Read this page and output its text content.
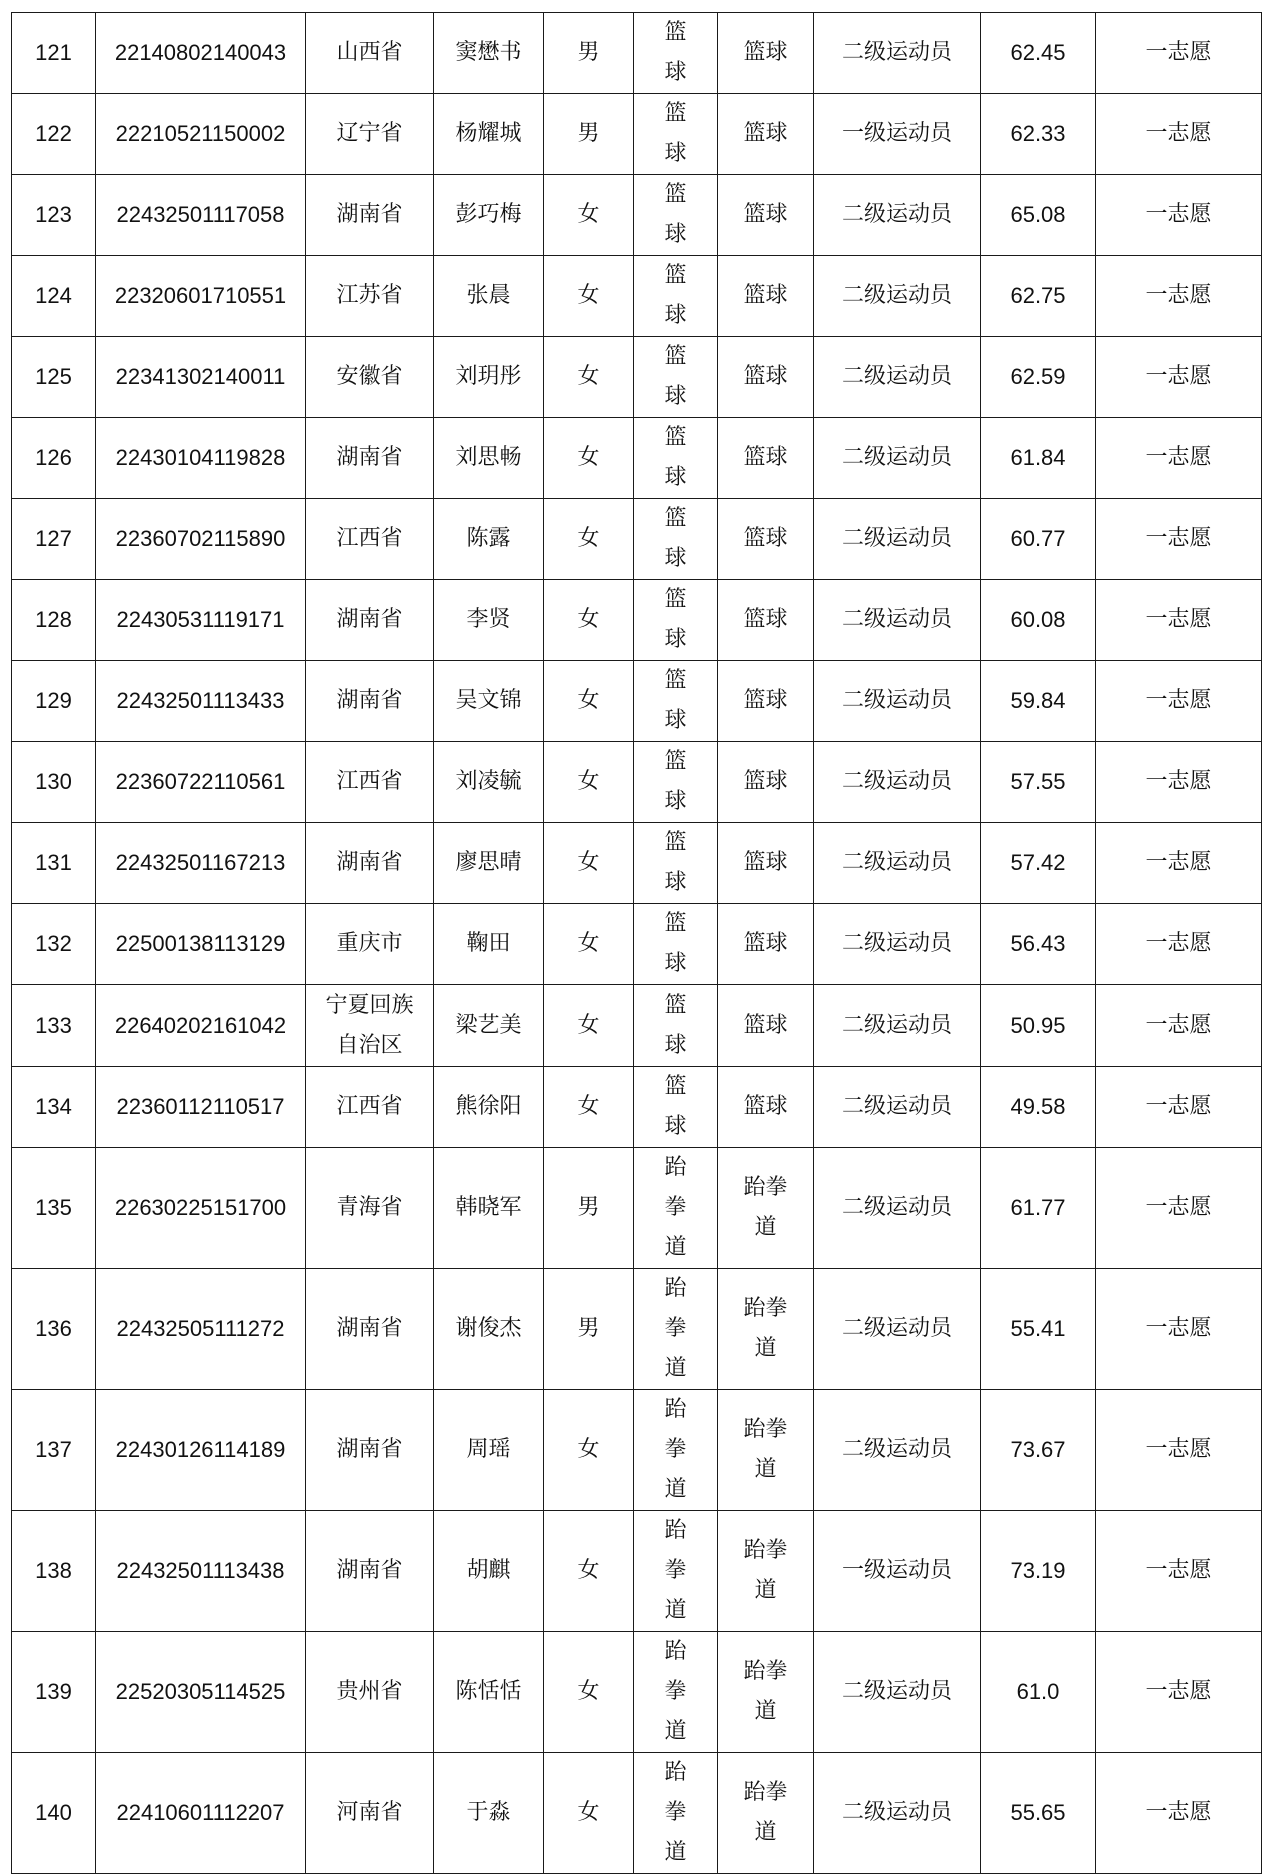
121	22140802140043	山西省	窦懋书	男	篮球	篮球	二级运动员	62.45	一志愿
122	22210521150002	辽宁省	杨耀城	男	篮球	篮球	一级运动员	62.33	一志愿
123	22432501117058	湖南省	彭巧梅	女	篮球	篮球	二级运动员	65.08	一志愿
124	22320601710551	江苏省	张晨	女	篮球	篮球	二级运动员	62.75	一志愿
125	22341302140011	安徽省	刘玥彤	女	篮球	篮球	二级运动员	62.59	一志愿
126	22430104119828	湖南省	刘思畅	女	篮球	篮球	二级运动员	61.84	一志愿
127	22360702115890	江西省	陈露	女	篮球	篮球	二级运动员	60.77	一志愿
128	22430531119171	湖南省	李贤	女	篮球	篮球	二级运动员	60.08	一志愿
129	22432501113433	湖南省	吴文锦	女	篮球	篮球	二级运动员	59.84	一志愿
130	22360722110561	江西省	刘凌毓	女	篮球	篮球	二级运动员	57.55	一志愿
131	22432501167213	湖南省	廖思晴	女	篮球	篮球	二级运动员	57.42	一志愿
132	22500138113129	重庆市	鞠田	女	篮球	篮球	二级运动员	56.43	一志愿
133	22640202161042	宁夏回族自治区	梁艺美	女	篮球	篮球	二级运动员	50.95	一志愿
134	22360112110517	江西省	熊徐阳	女	篮球	篮球	二级运动员	49.58	一志愿
135	22630225151700	青海省	韩晓军	男	跆拳道	跆拳道	二级运动员	61.77	一志愿
136	22432505111272	湖南省	谢俊杰	男	跆拳道	跆拳道	二级运动员	55.41	一志愿
137	22430126114189	湖南省	周瑶	女	跆拳道	跆拳道	二级运动员	73.67	一志愿
138	22432501113438	湖南省	胡麒	女	跆拳道	跆拳道	一级运动员	73.19	一志愿
139	22520305114525	贵州省	陈恬恬	女	跆拳道	跆拳道	二级运动员	61.0	一志愿
140	22410601112207	河南省	于淼	女	跆拳道	跆拳道	二级运动员	55.65	一志愿
